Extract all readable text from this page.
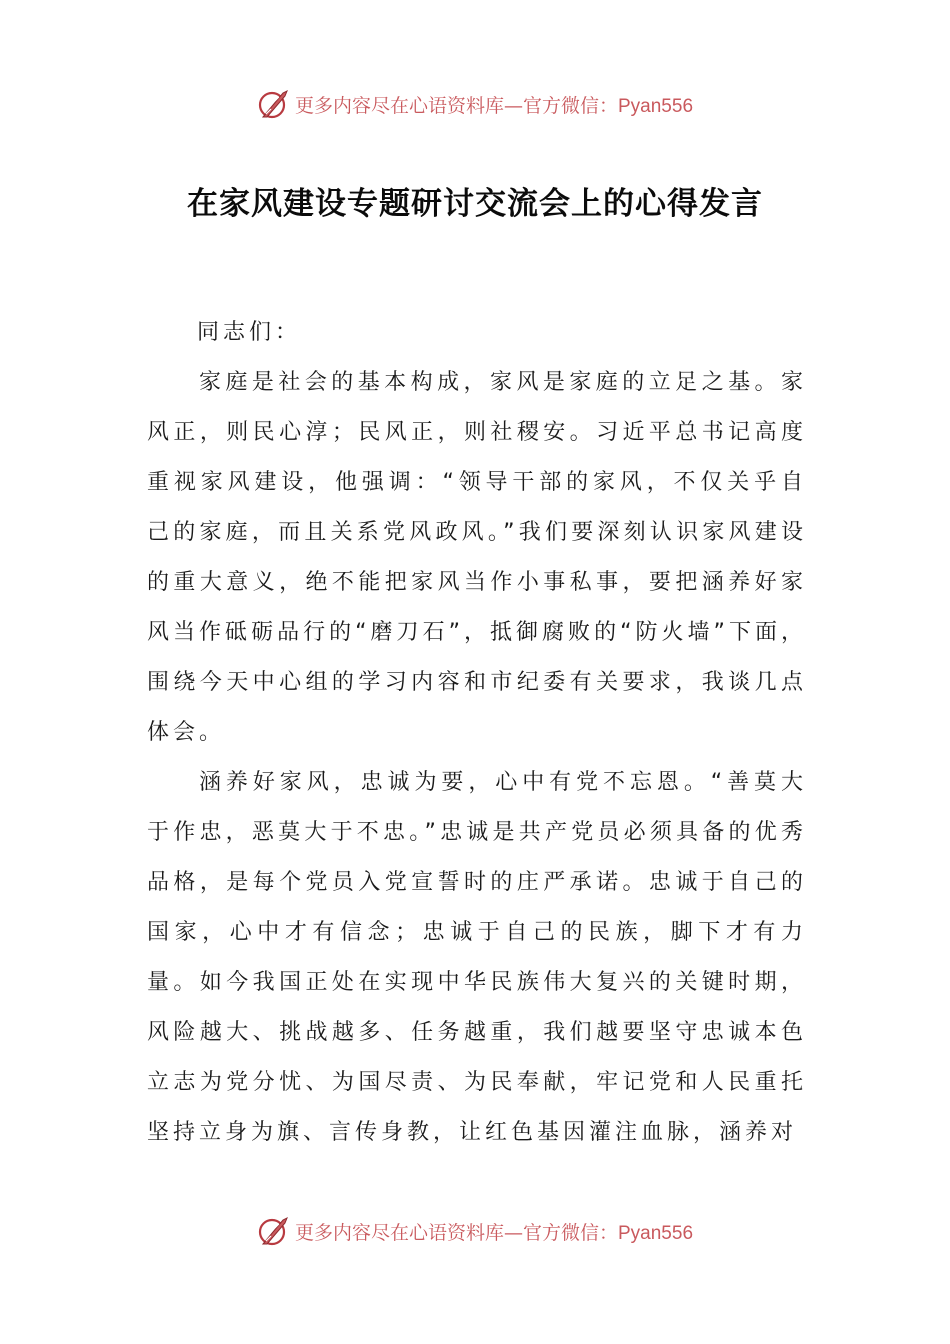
更多内容尽在心语资料库—官方微信：Pyan556
在家风建设专题研讨交流会上的心得发言

同志们：

家庭是社会的基本构成，家风是家庭的立足之基。家风正，则民心淳；民风正，则社稷安。习近平总书记高度重视家风建设，他强调：“领导干部的家风，不仅关乎自己的家庭，而且关系党风政风。”我们要深刻认识家风建设的重大意义，绝不能把家风当作小事私事，要把涵养好家风当作砥砺品行的“磨刀石”，抵御腐败的“防火墙”下面，围绕今天中心组的学习内容和市纪委有关要求，我谈几点体会。

涵养好家风，忠诚为要，心中有党不忘恩。“善莫大于作忠，恶莫大于不忠。”忠诚是共产党员必须具备的优秀品格，是每个党员入党宣誓时的庄严承诺。忠诚于自己的国家，心中才有信念；忠诚于自己的民族，脚下才有力量。如今我国正处在实现中华民族伟大复兴的关键时期，风险越大、挑战越多、任务越重，我们越要坚守忠诚本色立志为党分忧、为国尽责、为民奉献，牢记党和人民重托坚持立身为旗、言传身教，让红色基因灌注血脉，涵养对

更多内容尽在心语资料库—官方微信：Pyan556
